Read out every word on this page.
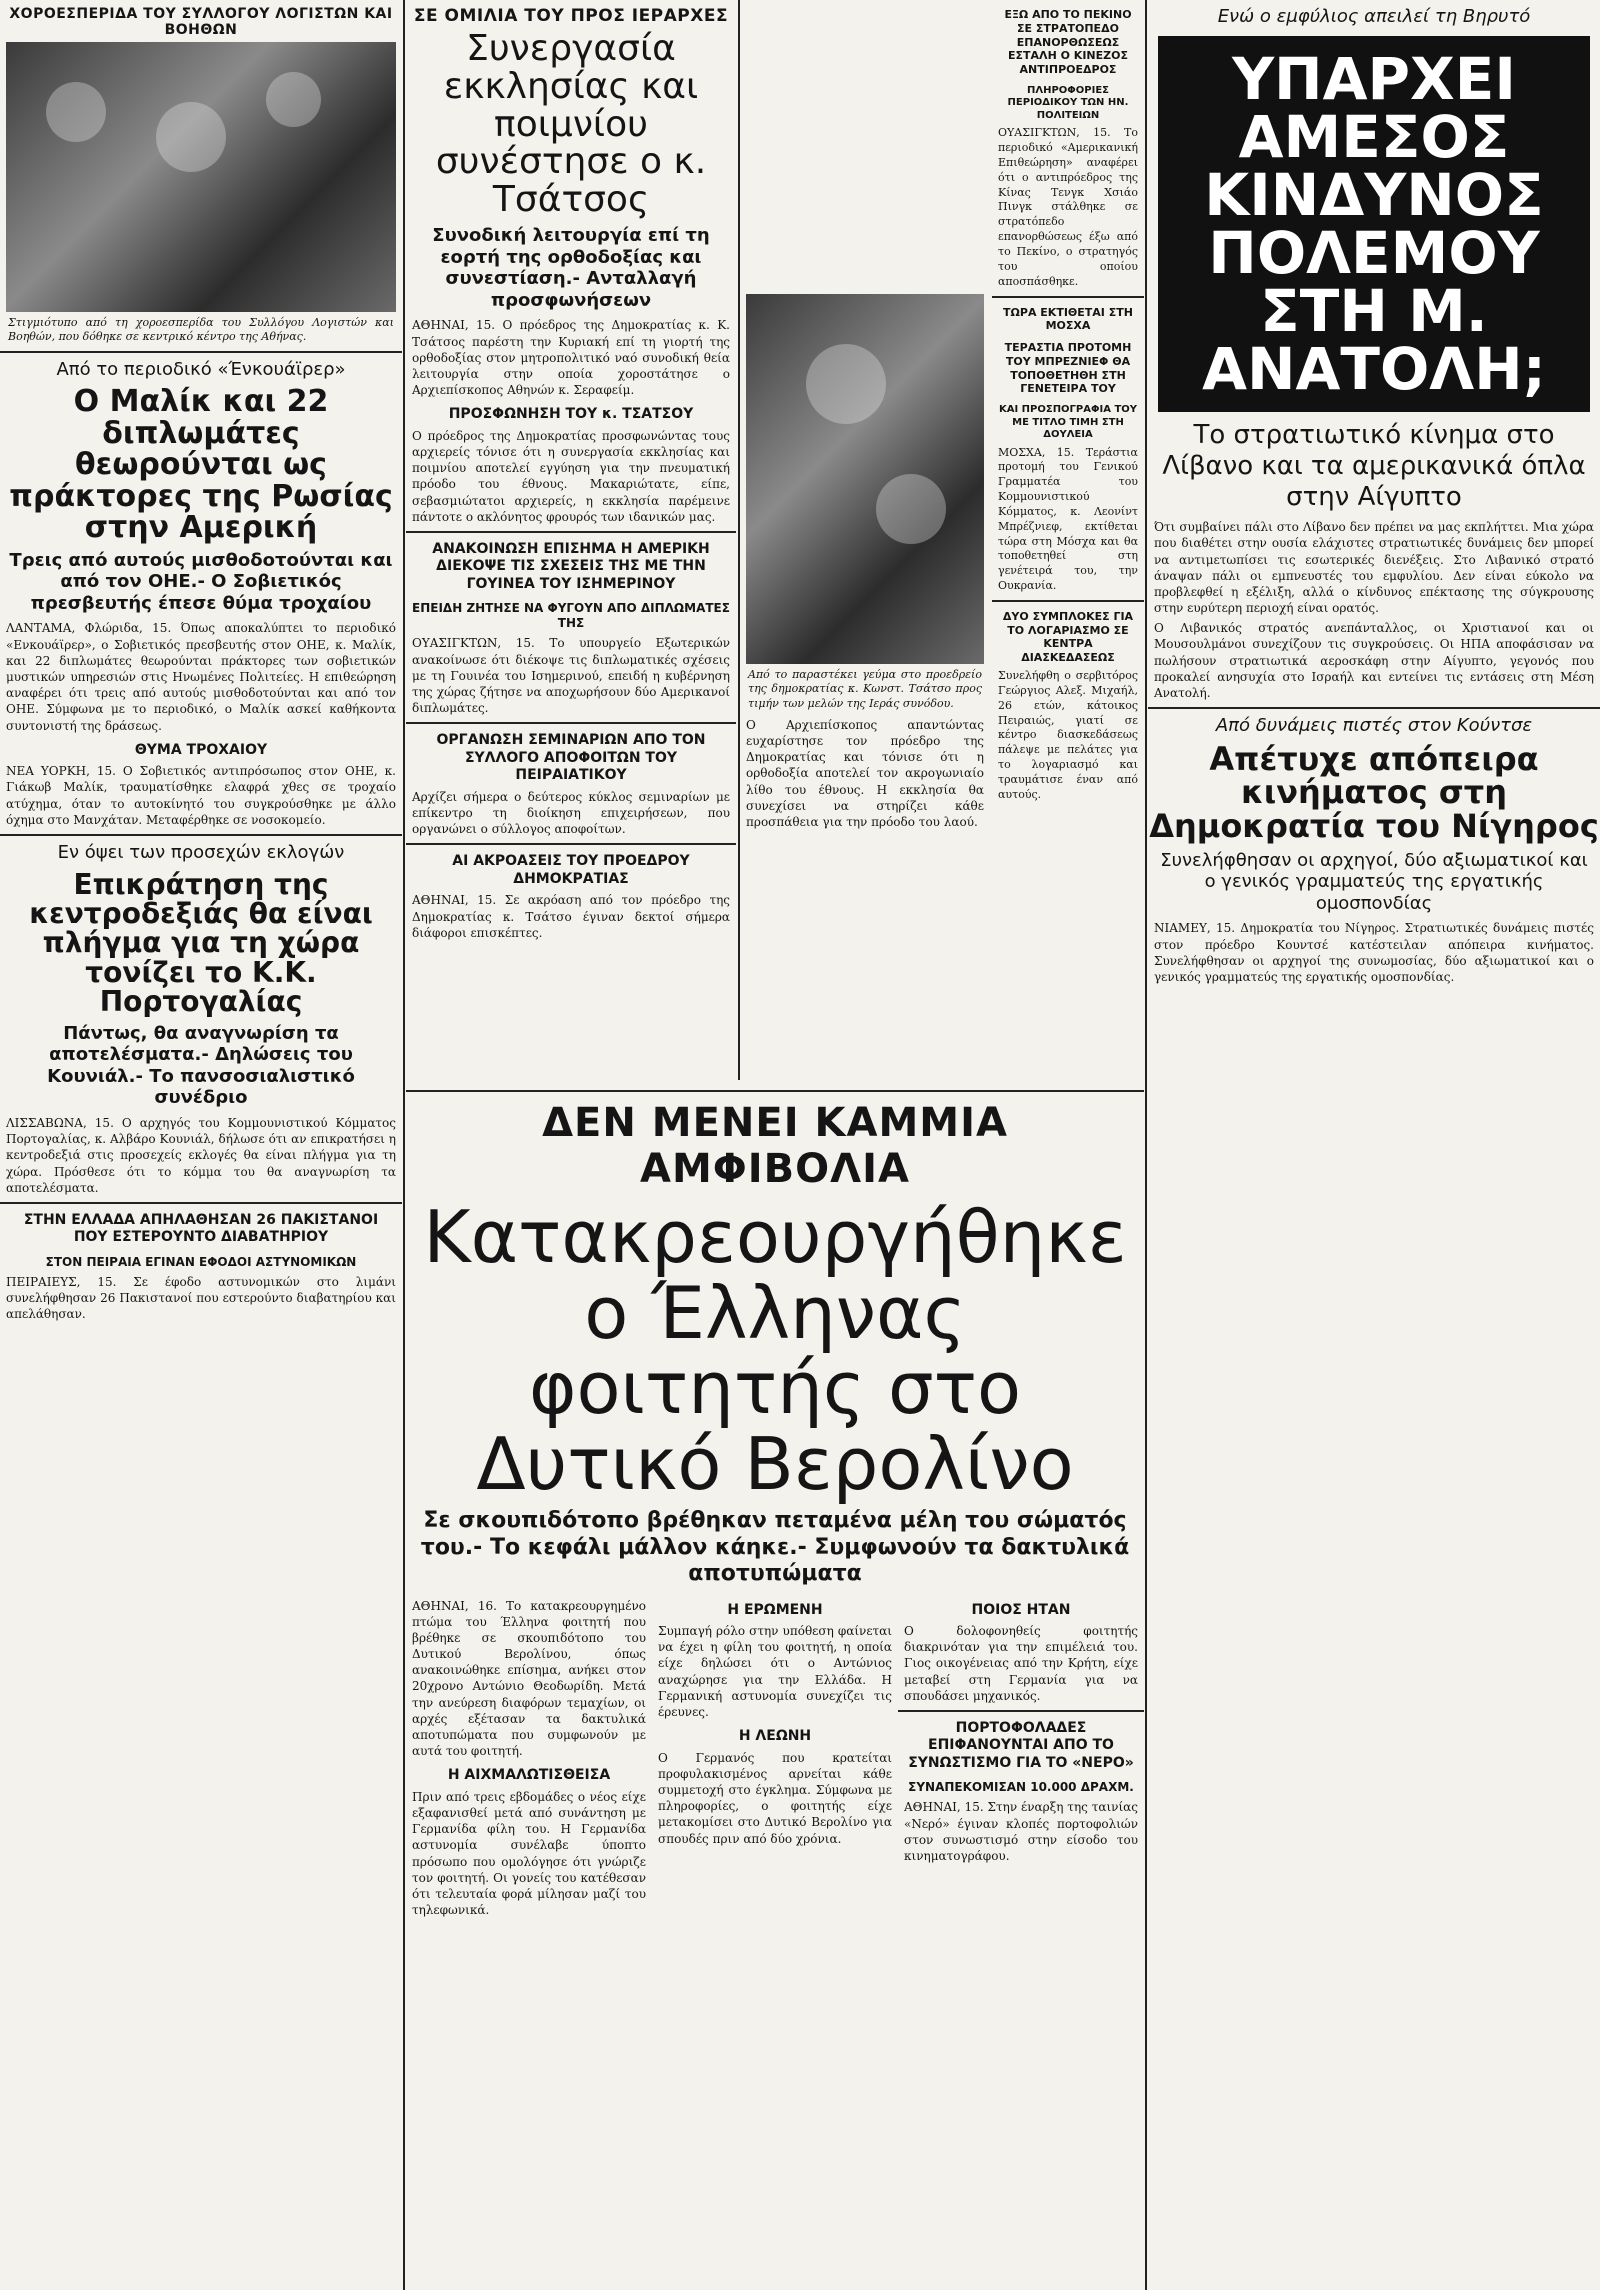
ΧΟΡΟΕΣΠΕΡΙΔΑ ΤΟΥ ΣΥΛΛΟΓΟΥ ΛΟΓΙΣΤΩΝ ΚΑΙ ΒΟΗΘΩΝ
Στιγμιότυπο από τη χοροεσπερίδα του Συλλόγου Λογιστών και Βοηθών, που δόθηκε σε κεντρικό κέντρο της Αθήνας.
Από το περιοδικό «Ένκουάϊρερ»
Ο Μαλίκ και 22 διπλωμάτες θεωρούνται ως πράκτορες της Ρωσίας στην Αμερική
Τρεις από αυτούς μισθοδοτούνται και από τον ΟΗΕ.- Ο Σοβιετικός πρεσβευτής έπεσε θύμα τροχαίου
ΛΑΝΤΑΜΑ, Φλώριδα, 15. Όπως αποκαλύπτει το περιοδικό «Ενκουάϊρερ», ο Σοβιετικός πρεσβευτής στον ΟΗΕ, κ. Μαλίκ, και 22 διπλωμάτες θεωρούνται πράκτορες των σοβιετικών μυστικών υπηρεσιών στις Ηνωμένες Πολιτείες. Η επιθεώρηση αναφέρει ότι τρεις από αυτούς μισθοδοτούνται και από τον ΟΗΕ. Σύμφωνα με το περιοδικό, ο Μαλίκ ασκεί καθήκοντα συντονιστή της δράσεως.
ΘΥΜΑ ΤΡΟΧΑΙΟΥ
ΝΕΑ ΥΟΡΚΗ, 15. Ο Σοβιετικός αντιπρόσωπος στον ΟΗΕ, κ. Γιάκωβ Μαλίκ, τραυματίσθηκε ελαφρά χθες σε τροχαίο ατύχημα, όταν το αυτοκίνητό του συγκρούσθηκε με άλλο όχημα στο Μανχάταν. Μεταφέρθηκε σε νοσοκομείο.
Εν όψει των προσεχών εκλογών
Επικράτηση της κεντροδεξιάς θα είναι πλήγμα για τη χώρα τονίζει το Κ.Κ. Πορτογαλίας
Πάντως, θα αναγνωρίση τα αποτελέσματα.- Δηλώσεις του Κουνιάλ.- Το πανσοσιαλιστικό συνέδριο
ΛΙΣΣΑΒΩΝΑ, 15. Ο αρχηγός του Κομμουνιστικού Κόμματος Πορτογαλίας, κ. Αλβάρο Κουνιάλ, δήλωσε ότι αν επικρατήσει η κεντροδεξιά στις προσεχείς εκλογές θα είναι πλήγμα για τη χώρα. Πρόσθεσε ότι το κόμμα του θα αναγνωρίση τα αποτελέσματα.
ΣΤΗΝ ΕΛΛΑΔΑ ΑΠΗΛΑΘΗΣΑΝ 26 ΠΑΚΙΣΤΑΝΟΙ ΠΟΥ ΕΣΤΕΡΟΥΝΤΟ ΔΙΑΒΑΤΗΡΙΟΥ
ΣΤΟΝ ΠΕΙΡΑΙΑ ΕΓΙΝΑΝ ΕΦΟΔΟΙ ΑΣΤΥΝΟΜΙΚΩΝ
ΠΕΙΡΑΙΕΥΣ, 15. Σε έφοδο αστυνομικών στο λιμάνι συνελήφθησαν 26 Πακιστανοί που εστερούντο διαβατηρίου και απελάθησαν.
ΣΕ ΟΜΙΛΙΑ ΤΟΥ ΠΡΟΣ ΙΕΡΑΡΧΕΣ
Συνεργασία εκκλησίας και ποιμνίου συνέστησε ο κ. Τσάτσος
Συνοδική λειτουργία επί τη εορτή της ορθοδοξίας και συνεστίαση.- Ανταλλαγή προσφωνήσεων
ΑΘΗΝΑΙ, 15. Ο πρόεδρος της Δημοκρατίας κ. Κ. Τσάτσος παρέστη την Κυριακή επί τη γιορτή της ορθοδοξίας στον μητροπολιτικό ναό συνοδική θεία λειτουργία στην οποία χοροστάτησε ο Αρχιεπίσκοπος Αθηνών κ. Σεραφείμ.
ΠΡΟΣΦΩΝΗΣΗ ΤΟΥ κ. ΤΣΑΤΣΟΥ
Ο πρόεδρος της Δημοκρατίας προσφωνώντας τους αρχιερείς τόνισε ότι η συνεργασία εκκλησίας και ποιμνίου αποτελεί εγγύηση για την πνευματική πρόοδο του έθνους. Μακαριώτατε, είπε, σεβασμιώτατοι αρχιερείς, η εκκλησία παρέμεινε πάντοτε ο ακλόνητος φρουρός των ιδανικών μας.
ΑΝΑΚΟΙΝΩΣΗ ΕΠΙΣΗΜΑ Η ΑΜΕΡΙΚΗ ΔΙΕΚΟΨΕ ΤΙΣ ΣΧΕΣΕΙΣ ΤΗΣ ΜΕ ΤΗΝ ΓΟΥΙΝΕΑ ΤΟΥ ΙΣΗΜΕΡΙΝΟΥ
ΕΠΕΙΔΗ ΖΗΤΗΣΕ ΝΑ ΦΥΓΟΥΝ ΑΠΟ ΔΙΠΛΩΜΑΤΕΣ ΤΗΣ
ΟΥΑΣΙΓΚΤΩΝ, 15. Το υπουργείο Εξωτερικών ανακοίνωσε ότι διέκοψε τις διπλωματικές σχέσεις με τη Γουινέα του Ισημερινού, επειδή η κυβέρνηση της χώρας ζήτησε να αποχωρήσουν δύο Αμερικανοί διπλωμάτες.
ΟΡΓΑΝΩΣΗ ΣΕΜΙΝΑΡΙΩΝ ΑΠΟ ΤΟΝ ΣΥΛΛΟΓΟ ΑΠΟΦΟΙΤΩΝ ΤΟΥ ΠΕΙΡΑΙΑΤΙΚΟΥ
Αρχίζει σήμερα ο δεύτερος κύκλος σεμιναρίων με επίκεντρο τη διοίκηση επιχειρήσεων, που οργανώνει ο σύλλογος αποφοίτων.
ΑΙ ΑΚΡΟΑΣΕΙΣ ΤΟΥ ΠΡΟΕΔΡΟΥ ΔΗΜΟΚΡΑΤΙΑΣ
ΑΘΗΝΑΙ, 15. Σε ακρόαση από τον πρόεδρο της Δημοκρατίας κ. Τσάτσο έγιναν δεκτοί σήμερα διάφοροι επισκέπτες.
Από το παραστέκει γεύμα στο προεδρείο της δημοκρατίας κ. Κωνστ. Τσάτσο προς τιμήν των μελών της Ιεράς συνόδου.
Ο Αρχιεπίσκοπος απαντώντας ευχαρίστησε τον πρόεδρο της Δημοκρατίας και τόνισε ότι η ορθοδοξία αποτελεί τον ακρογωνιαίο λίθο του έθνους. Η εκκλησία θα συνεχίσει να στηρίζει κάθε προσπάθεια για την πρόοδο του λαού.
ΕΞΩ ΑΠΟ ΤΟ ΠΕΚΙΝΟ ΣΕ ΣΤΡΑΤΟΠΕΔΟ ΕΠΑΝΟΡΘΩΣΕΩΣ ΕΣΤΑΛΗ Ο ΚΙΝΕΖΟΣ ΑΝΤΙΠΡΟΕΔΡΟΣ
ΠΛΗΡΟΦΟΡΙΕΣ ΠΕΡΙΟΔΙΚΟΥ ΤΩΝ ΗΝ. ΠΟΛΙΤΕΙΩΝ
ΟΥΑΣΙΓΚΤΩΝ, 15. Το περιοδικό «Αμερικανική Επιθεώρηση» αναφέρει ότι ο αντιπρόεδρος της Κίνας Τενγκ Χσιάο Πινγκ στάλθηκε σε στρατόπεδο επανορθώσεως έξω από το Πεκίνο, ο στρατηγός του οποίου αποσπάσθηκε.
ΤΩΡΑ ΕΚΤΙΘΕΤΑΙ ΣΤΗ ΜΟΣΧΑ
ΤΕΡΑΣΤΙΑ ΠΡΟΤΟΜΗ ΤΟΥ ΜΠΡΕΖΝΙΕΦ ΘΑ ΤΟΠΟΘΕΤΗΘΗ ΣΤΗ ΓΕΝΕΤΕΙΡΑ ΤΟΥ
ΚΑΙ ΠΡΟΣΠΟΓΡΑΦΙΑ ΤΟΥ ΜΕ ΤΙΤΛΟ ΤΙΜΗ ΣΤΗ ΔΟΥΛΕΙΑ
ΜΟΣΧΑ, 15. Τεράστια προτομή του Γενικού Γραμματέα του Κομμουνιστικού Κόμματος, κ. Λεονίντ Μπρέζνιεφ, εκτίθεται τώρα στη Μόσχα και θα τοποθετηθεί στη γενέτειρά του, την Ουκρανία.
ΔΥΟ ΣΥΜΠΛΟΚΕΣ ΓΙΑ ΤΟ ΛΟΓΑΡΙΑΣΜΟ ΣΕ ΚΕΝΤΡΑ ΔΙΑΣΚΕΔΑΣΕΩΣ
Συνελήφθη ο σερβιτόρος Γεώργιος Αλεξ. Μιχαήλ, 26 ετών, κάτοικος Πειραιώς, γιατί σε κέντρο διασκεδάσεως πάλεψε με πελάτες για το λογαριασμό και τραυμάτισε έναν από αυτούς.
ΔΕΝ ΜΕΝΕΙ ΚΑΜΜΙΑ ΑΜΦΙΒΟΛΙΑ
Κατακρεουργήθηκε ο Έλληνας φοιτητής στο Δυτικό Βερολίνο
Σε σκουπιδότοπο βρέθηκαν πεταμένα μέλη του σώματός του.- Το κεφάλι μάλλον κάηκε.- Συμφωνούν τα δακτυλικά αποτυπώματα
ΑΘΗΝΑΙ, 16. Το κατακρεουργημένο πτώμα του Έλληνα φοιτητή που βρέθηκε σε σκουπιδότοπο του Δυτικού Βερολίνου, όπως ανακοινώθηκε επίσημα, ανήκει στον 20χρονο Αντώνιο Θεοδωρίδη. Μετά την ανεύρεση διαφόρων τεμαχίων, οι αρχές εξέτασαν τα δακτυλικά αποτυπώματα που συμφωνούν με αυτά του φοιτητή.
Η ΑΙΧΜΑΛΩΤΙΣΘΕΙΣΑ
Πριν από τρεις εβδομάδες ο νέος είχε εξαφανισθεί μετά από συνάντηση με Γερμανίδα φίλη του. Η Γερμανίδα αστυνομία συνέλαβε ύποπτο πρόσωπο που ομολόγησε ότι γνώριζε τον φοιτητή. Οι γονείς του κατέθεσαν ότι τελευταία φορά μίλησαν μαζί του τηλεφωνικά.
Η ΕΡΩΜΕΝΗ
Συμπαγή ρόλο στην υπόθεση φαίνεται να έχει η φίλη του φοιτητή, η οποία είχε δηλώσει ότι ο Αντώνιος αναχώρησε για την Ελλάδα. Η Γερμανική αστυνομία συνεχίζει τις έρευνες.
Η ΛΕΩΝΗ
Ο Γερμανός που κρατείται προφυλακισμένος αρνείται κάθε συμμετοχή στο έγκλημα. Σύμφωνα με πληροφορίες, ο φοιτητής είχε μετακομίσει στο Δυτικό Βερολίνο για σπουδές πριν από δύο χρόνια.
ΠΟΙΟΣ ΗΤΑΝ
Ο δολοφονηθείς φοιτητής διακρινόταν για την επιμέλειά του. Γιος οικογένειας από την Κρήτη, είχε μεταβεί στη Γερμανία για να σπουδάσει μηχανικός.
ΠΟΡΤΟΦΟΛΑΔΕΣ ΕΠΙΦΑΝΟΥΝΤΑΙ ΑΠΟ ΤΟ ΣΥΝΩΣΤΙΣΜΟ ΓΙΑ ΤΟ «ΝΕΡΟ»
ΣΥΝΑΠΕΚΟΜΙΣΑΝ 10.000 ΔΡΑΧΜ.
ΑΘΗΝΑΙ, 15. Στην έναρξη της ταινίας «Νερό» έγιναν κλοπές πορτοφολιών στον συνωστισμό στην είσοδο του κινηματογράφου.
Ενώ ο εμφύλιος απειλεί τη Βηρυτό
ΥΠΑΡΧΕΙ ΑΜΕΣΟΣ
ΚΙΝΔΥΝΟΣ ΠΟΛΕΜΟΥ
ΣΤΗ Μ. ΑΝΑΤΟΛΗ;
Το στρατιωτικό κίνημα στο Λίβανο και τα αμερικανικά όπλα στην Αίγυπτο
Ότι συμβαίνει πάλι στο Λίβανο δεν πρέπει να μας εκπλήττει. Μια χώρα που διαθέτει στην ουσία ελάχιστες στρατιωτικές δυνάμεις δεν μπορεί να αντιμετωπίσει τις εσωτερικές διενέξεις. Στο Λιβανικό στρατό άναψαν πάλι οι εμπνευστές του εμφυλίου. Δεν είναι εύκολο να προβλεφθεί η εξέλιξη, αλλά ο κίνδυνος επέκτασης της σύγκρουσης στην ευρύτερη περιοχή είναι ορατός.
Ο Λιβανικός στρατός ανεπάνταλλος, οι Χριστιανοί και οι Μουσουλμάνοι συνεχίζουν τις συγκρούσεις. Οι ΗΠΑ αποφάσισαν να πωλήσουν στρατιωτικά αεροσκάφη στην Αίγυπτο, γεγονός που προκαλεί ανησυχία στο Ισραήλ και εντείνει τις εντάσεις στη Μέση Ανατολή.
Από δυνάμεις πιστές στον Κούντσε
Απέτυχε απόπειρα κινήματος στη Δημοκρατία του Νίγηρος
Συνελήφθησαν οι αρχηγοί, δύο αξιωματικοί και ο γενικός γραμματεύς της εργατικής ομοσπονδίας
ΝΙΑΜΕΥ, 15. Δημοκρατία του Νίγηρος. Στρατιωτικές δυνάμεις πιστές στον πρόεδρο Κουντσέ κατέστειλαν απόπειρα κινήματος. Συνελήφθησαν οι αρχηγοί της συνωμοσίας, δύο αξιωματικοί και ο γενικός γραμματεύς της εργατικής ομοσπονδίας.
